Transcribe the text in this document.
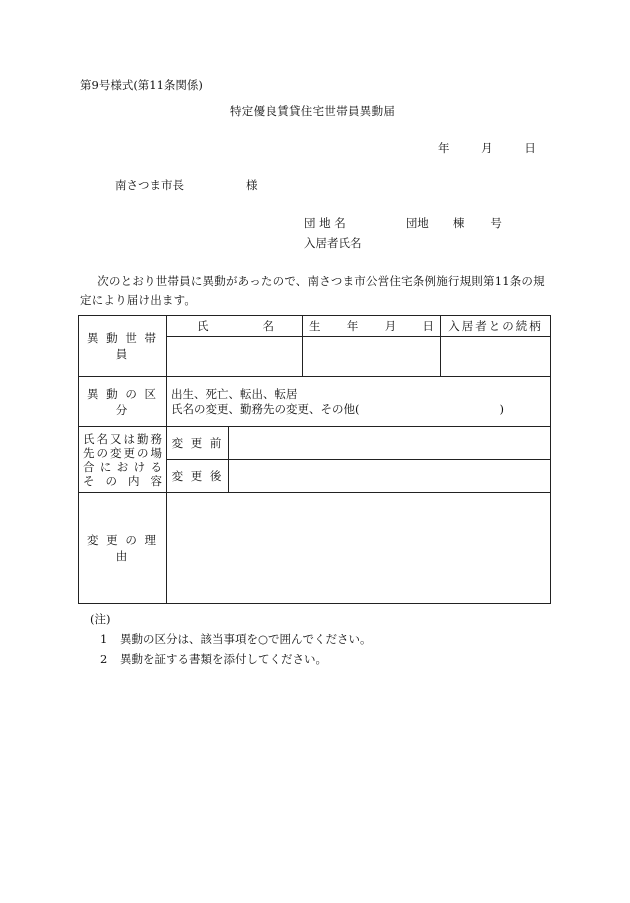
第9号様式(第11条関係)
特定優良賃貸住宅世帯員異動届
年	月	日
南さつま市長	様
団 地 名	団地 棟 号
入居者氏名
次のとおり世帯員に異動があったので、南さつま市公営住宅条例施行規則第11条の規定により届け出ます。
異 動 世 帯 員	氏 名		生 年 月 日	入居者との続柄

異 動 の 区 分	出生、死亡、転出、転居
氏名の変更、勤務先の変更、その他( )			

氏名又は勤務
先の変更の場
合における
そ の 内 容	変 更 前			
	変 更 後			
変 更 の 理 由				
(注)
1 異動の区分は、該当事項を○で囲んでください。
2 異動を証する書類を添付してください。
